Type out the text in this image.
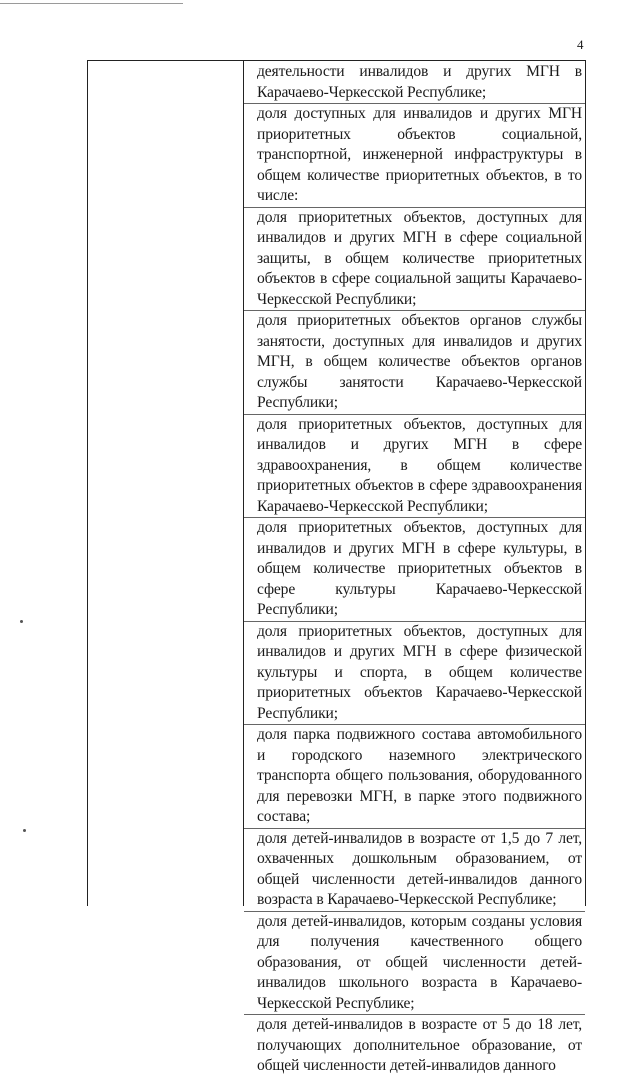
4
деятельности инвалидов и других МГН в Карачаево-Черкесской Республике;
доля доступных для инвалидов и других МГН приоритетных объектов социальной, транспортной, инженерной инфраструктуры в общем количестве приоритетных объектов, в то числе:
доля приоритетных объектов, доступных для инвалидов и других МГН в сфере социальной защиты, в общем количестве приоритетных объектов в сфере социальной защиты Карачаево-Черкесской Республики;
доля приоритетных объектов органов службы занятости, доступных для инвалидов и других МГН, в общем количестве объектов органов службы занятости Карачаево-Черкесской Республики;
доля приоритетных объектов, доступных для инвалидов и других МГН в сфере здравоохранения, в общем количестве приоритетных объектов в сфере здравоохранения Карачаево-Черкесской Республики;
доля приоритетных объектов, доступных для инвалидов и других МГН в сфере культуры, в общем количестве приоритетных объектов в сфере культуры Карачаево-Черкесской Республики;
доля приоритетных объектов, доступных для инвалидов и других МГН в сфере физической культуры и спорта, в общем количестве приоритетных объектов Карачаево-Черкесской Республики;
доля парка подвижного состава автомобильного и городского наземного электрического транспорта общего пользования, оборудованного для перевозки МГН, в парке этого подвижного состава;
доля детей-инвалидов в возрасте от 1,5 до 7 лет, охваченных дошкольным образованием, от общей численности детей-инвалидов данного возраста в Карачаево-Черкесской Республике;
доля детей-инвалидов, которым созданы условия для получения качественного общего образования, от общей численности детей-инвалидов школьного возраста в Карачаево-Черкесской Республике;
доля детей-инвалидов в возрасте от 5 до 18 лет, получающих дополнительное образование, от общей численности детей-инвалидов данного
